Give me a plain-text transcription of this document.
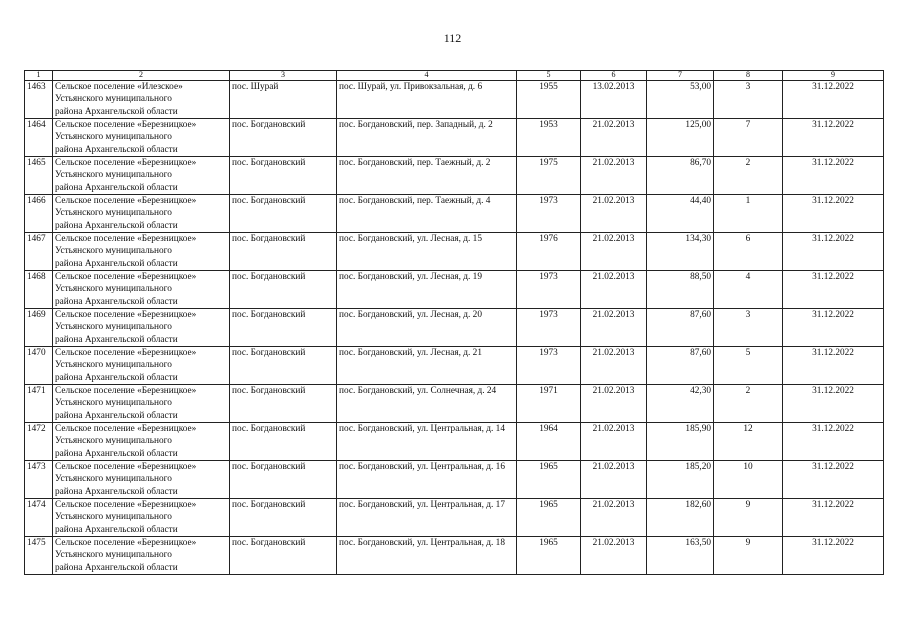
112
1	2	3	4	5	6	7	8	9
1463	Сельское поселение «Илезское»
Устьянского муниципального
района Архангельской области	пос. Шурай	пос. Шурай, ул. Привокзальная, д. 6	1955	13.02.2013	53,00	3	31.12.2022
1464	Сельское поселение «Березницкое»
Устьянского муниципального
района Архангельской области	пос. Богдановский	пос. Богдановский, пер. Западный, д. 2	1953	21.02.2013	125,00	7	31.12.2022
1465	Сельское поселение «Березницкое»
Устьянского муниципального
района Архангельской области	пос. Богдановский	пос. Богдановский, пер. Таежный, д. 2	1975	21.02.2013	86,70	2	31.12.2022
1466	Сельское поселение «Березницкое»
Устьянского муниципального
района Архангельской области	пос. Богдановский	пос. Богдановский, пер. Таежный, д. 4	1973	21.02.2013	44,40	1	31.12.2022
1467	Сельское поселение «Березницкое»
Устьянского муниципального
района Архангельской области	пос. Богдановский	пос. Богдановский, ул. Лесная, д. 15	1976	21.02.2013	134,30	6	31.12.2022
1468	Сельское поселение «Березницкое»
Устьянского муниципального
района Архангельской области	пос. Богдановский	пос. Богдановский, ул. Лесная, д. 19	1973	21.02.2013	88,50	4	31.12.2022
1469	Сельское поселение «Березницкое»
Устьянского муниципального
района Архангельской области	пос. Богдановский	пос. Богдановский, ул. Лесная, д. 20	1973	21.02.2013	87,60	3	31.12.2022
1470	Сельское поселение «Березницкое»
Устьянского муниципального
района Архангельской области	пос. Богдановский	пос. Богдановский, ул. Лесная, д. 21	1973	21.02.2013	87,60	5	31.12.2022
1471	Сельское поселение «Березницкое»
Устьянского муниципального
района Архангельской области	пос. Богдановский	пос. Богдановский, ул. Солнечная, д. 24	1971	21.02.2013	42,30	2	31.12.2022
1472	Сельское поселение «Березницкое»
Устьянского муниципального
района Архангельской области	пос. Богдановский	пос. Богдановский, ул. Центральная, д. 14	1964	21.02.2013	185,90	12	31.12.2022
1473	Сельское поселение «Березницкое»
Устьянского муниципального
района Архангельской области	пос. Богдановский	пос. Богдановский, ул. Центральная, д. 16	1965	21.02.2013	185,20	10	31.12.2022
1474	Сельское поселение «Березницкое»
Устьянского муниципального
района Архангельской области	пос. Богдановский	пос. Богдановский, ул. Центральная, д. 17	1965	21.02.2013	182,60	9	31.12.2022
1475	Сельское поселение «Березницкое»
Устьянского муниципального
района Архангельской области	пос. Богдановский	пос. Богдановский, ул. Центральная, д. 18	1965	21.02.2013	163,50	9	31.12.2022
